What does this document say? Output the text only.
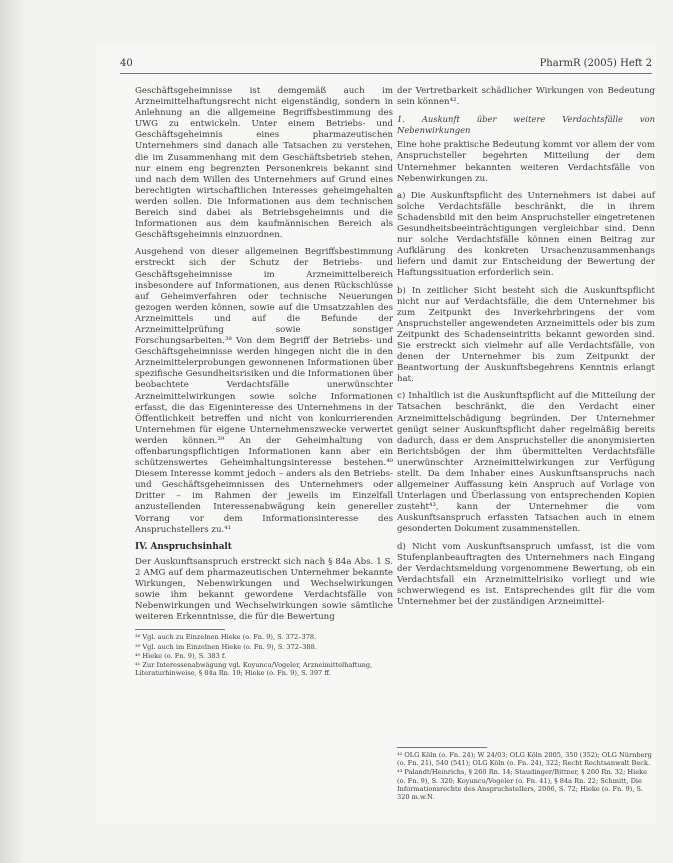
40	PharmR (2005) Heft 2

Geschäftsgeheimnisse ist demgemäß auch im Arzneimittelhaftungsrecht nicht eigenständig, sondern in Anlehnung an die allgemeine Begriffsbestimmung des UWG zu entwickeln. Unter einem Betriebs- und Geschäftsgeheimnis eines pharmazeutischen Unternehmers sind danach alle Tatsachen zu verstehen, die im Zusammenhang mit dem Geschäftsbetrieb stehen, nur einem eng begrenzten Personenkreis bekannt sind und nach dem Willen des Unternehmers auf Grund eines berechtigten wirtschaftlichen Interesses geheimgehalten werden sollen. Die Informationen aus dem technischen Bereich sind dabei als Betriebsgeheimnis und die Informationen aus dem kaufmännischen Bereich als Geschäftsgeheimnis einzuordnen.

Ausgehend von dieser allgemeinen Begriffsbestimmung erstreckt sich der Schutz der Betriebs- und Geschäftsgeheimnisse im Arzneimittelbereich insbesondere auf Informationen, aus denen Rückschlüsse auf Geheimverfahren oder technische Neuerungen gezogen werden können, sowie auf die Umsatzzahlen des Arzneimittels und auf die Befunde der Arzneimittelprüfung sowie sonstiger Forschungsarbeiten.³⁸ Von dem Begriff der Betriebs- und Geschäftsgeheimnisse werden hingegen nicht die in den Arzneimittelerprobungen gewonnenen Informationen über spezifische Gesundheitsrisiken und die Informationen über beobachtete Verdachtsfälle unerwünschter Arzneimittelwirkungen sowie solche Informationen erfasst, die das Eigeninteresse des Unternehmens in der Öffentlichkeit betreffen und nicht von konkurrierenden Unternehmen für eigene Unternehmenszwecke verwertet werden können.³⁹ An der Geheimhaltung von offenbarungspflichtigen Informationen kann aber ein schützenswertes Geheimhaltungsinteresse bestehen.⁴⁰ Diesem Interesse kommt jedoch – anders als den Betriebs- und Geschäftsgeheimnissen des Unternehmers oder Dritter – im Rahmen der jeweils im Einzelfall anzustellenden Interessenabwägung kein genereller Vorrang vor dem Informationsinteresse des Anspruchstellers zu.⁴¹

IV. Anspruchsinhalt

Der Auskunftsanspruch erstreckt sich nach § 84a Abs. 1 S. 2 AMG auf dem pharmazeutischen Unternehmer bekannte Wirkungen, Nebenwirkungen und Wechselwirkungen sowie ihm bekannt gewordene Verdachtsfälle von Nebenwirkungen und Wechselwirkungen sowie sämtliche weiteren Erkenntnisse, die für die Bewertung

³⁸ Vgl. auch zu Einzelnen Hieke (o. Fn. 9), S. 372–378.
³⁹ Vgl. auch im Einzelnen Hieke (o. Fn. 9), S. 372–388.
⁴⁰ Hieke (o. Fn. 9), S. 383 f.
⁴¹ Zur Interessenabwägung vgl. Koyuncu/Vogeler, Arzneimittelhaftung, Literaturhinweise, § 84a Rn. 19; Hieke (o. Fn. 9), S. 397 ff.

der Vertretbarkeit schädlicher Wirkungen von Bedeutung sein können⁴².

1. Auskunft über weitere Verdachtsfälle von Nebenwirkungen

Eine hohe praktische Bedeutung kommt vor allem der vom Anspruchsteller begehrten Mitteilung der dem Unternehmer bekannten weiteren Verdachtsfälle von Nebenwirkungen zu.

a) Die Auskunftspflicht des Unternehmers ist dabei auf solche Verdachtsfälle beschränkt, die in ihrem Schadensbild mit den beim Anspruchsteller eingetretenen Gesundheitsbeeinträchtigungen vergleichbar sind. Denn nur solche Verdachtsfälle können einen Beitrag zur Aufklärung des konkreten Ursachenzusammenhangs liefern und damit zur Entscheidung der Bewertung der Haftungssituation erforderlich sein.

b) In zeitlicher Sicht besteht sich die Auskunftspflicht nicht nur auf Verdachtsfälle, die dem Unternehmer bis zum Zeitpunkt des Inverkehrbringens der vom Anspruchsteller angewendeten Arzneimittels oder bis zum Zeitpunkt des Schadenseintritts bekannt geworden sind. Sie erstreckt sich vielmehr auf alle Verdachtsfälle, von denen der Unternehmer bis zum Zeitpunkt der Beantwortung der Auskunftsbegehrens Kenntnis erlangt hat.

c) Inhaltlich ist die Auskunftspflicht auf die Mitteilung der Tatsachen beschränkt, die den Verdacht einer Arzneimittelschädigung begründen. Der Unternehmer genügt seiner Auskunftspflicht daher regelmäßig bereits dadurch, dass er dem Anspruchsteller die anonymisierten Berichtsbögen der ihm übermittelten Verdachtsfälle unerwünschter Arzneimittelwirkungen zur Verfügung stellt. Da dem Inhaber eines Auskunftsanspruchs nach allgemeiner Auffassung kein Anspruch auf Vorlage von Unterlagen und Überlassung von entsprechenden Kopien zusteht⁴³, kann der Unternehmer die vom Auskunftsanspruch erfassten Tatsachen auch in einem gesonderten Dokument zusammenstellen.

d) Nicht vom Auskunftsanspruch umfasst, ist die vom Stufenplanbeauftragten des Unternehmers nach Eingang der Verdachtsmeldung vorgenommene Bewertung, ob ein Verdachtsfall ein Arzneimittelrisiko vorliegt und wie schwerwiegend es ist. Entsprechendes gilt für die vom Unternehmer bei der zuständigen Arzneimittel-

⁴² OLG Köln (o. Fn. 24); W 24/03; OLG Köln 2005, 350 (352); OLG Nürnberg (o. Fn. 21), 540 (541); OLG Köln (o. Fn. 24), 322; Recht Rechtsanwalt Beck.
⁴³ Palandt/Heinrichs, § 260 Rn. 14; Staudinger/Bittner, § 260 Rn. 32; Hieke (o. Fn. 9), S. 320; Koyuncu/Vogeler (o. Fn. 41), § 84a Rn. 22; Schmitt, Die Informationsrechte des Anspruchstellers, 2006, S. 72; Hieke (o. Fn. 9), S. 320 m.w.N.
